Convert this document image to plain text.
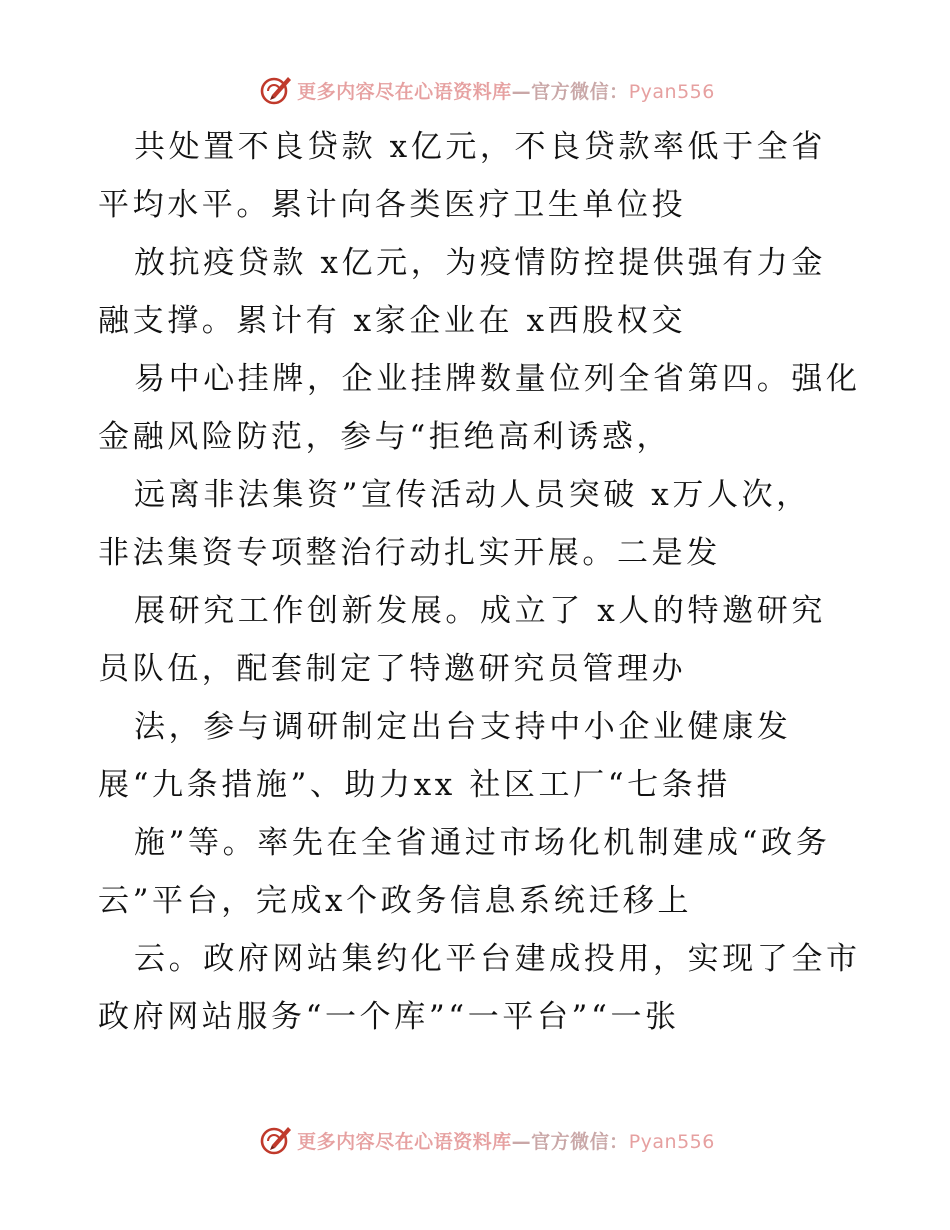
更多内容尽在心语资料库—官方微信：Pyan556
共处置不良贷款 x亿元，不良贷款率低于全省
平均水平。累计向各类医疗卫生单位投
放抗疫贷款 x亿元，为疫情防控提供强有力金
融支撑。累计有 x家企业在 x西股权交
易中心挂牌，企业挂牌数量位列全省第四。强化
金融风险防范，参与“拒绝高利诱惑，
远离非法集资”宣传活动人员突破 x万人次，
非法集资专项整治行动扎实开展。二是发
展研究工作创新发展。成立了 x人的特邀研究
员队伍，配套制定了特邀研究员管理办
法，参与调研制定出台支持中小企业健康发
展“九条措施”、助力xx 社区工厂“七条措
施”等。率先在全省通过市场化机制建成“政务
云”平台，完成x个政务信息系统迁移上
云。政府网站集约化平台建成投用，实现了全市
政府网站服务“一个库”“一平台”“一张
更多内容尽在心语资料库—官方微信：Pyan556
